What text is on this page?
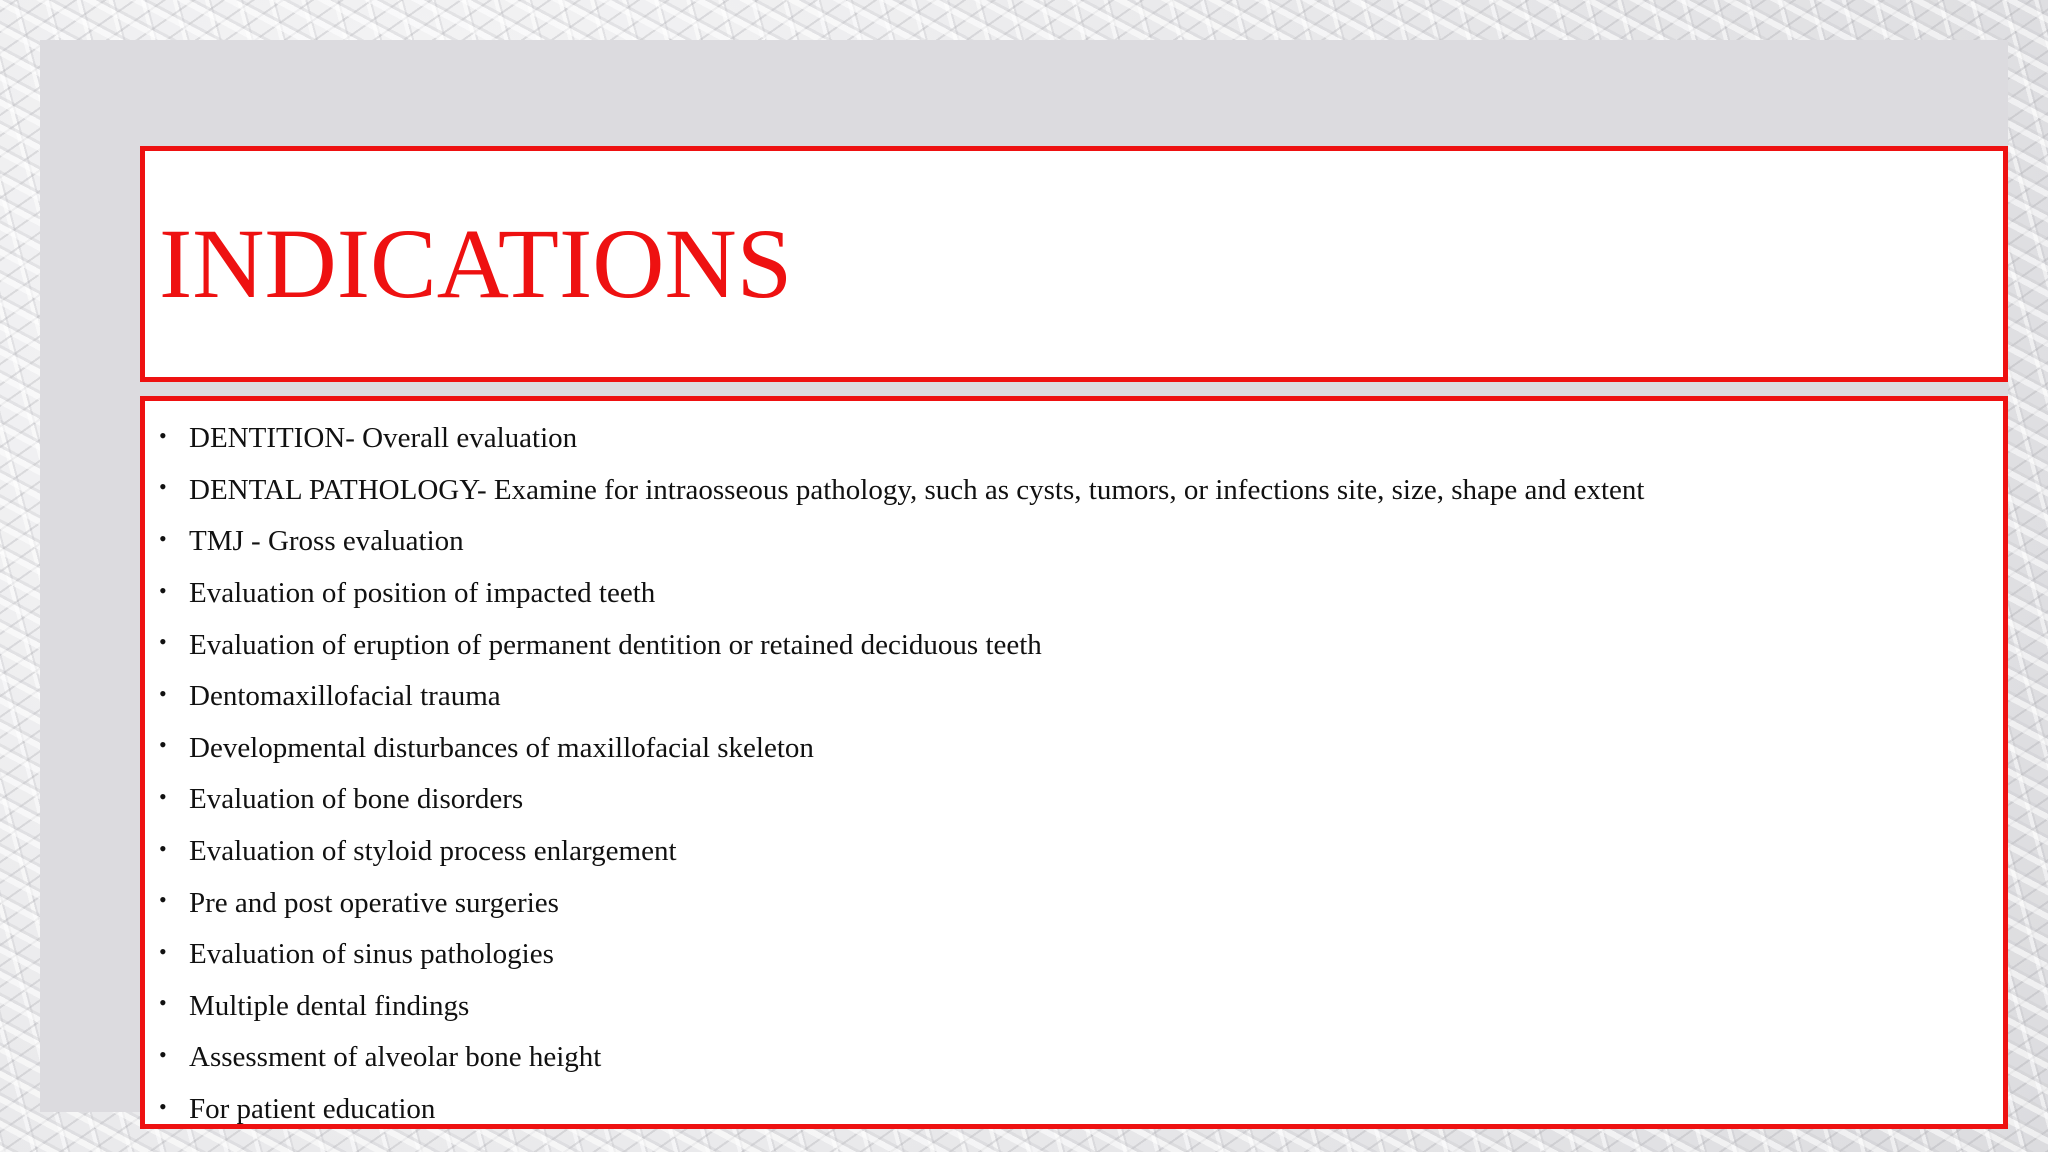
INDICATIONS
• DENTITION- Overall evaluation
• DENTAL PATHOLOGY- Examine for intraosseous pathology, such as cysts, tumors, or infections site, size, shape and extent
• TMJ - Gross evaluation
• Evaluation of position of impacted teeth
• Evaluation of eruption of permanent dentition or retained deciduous teeth
• Dentomaxillofacial trauma
• Developmental disturbances of maxillofacial skeleton
• Evaluation of bone disorders
• Evaluation of styloid process enlargement
• Pre and post operative surgeries
• Evaluation of sinus pathologies
• Multiple dental findings
• Assessment of alveolar bone height
• For patient education
